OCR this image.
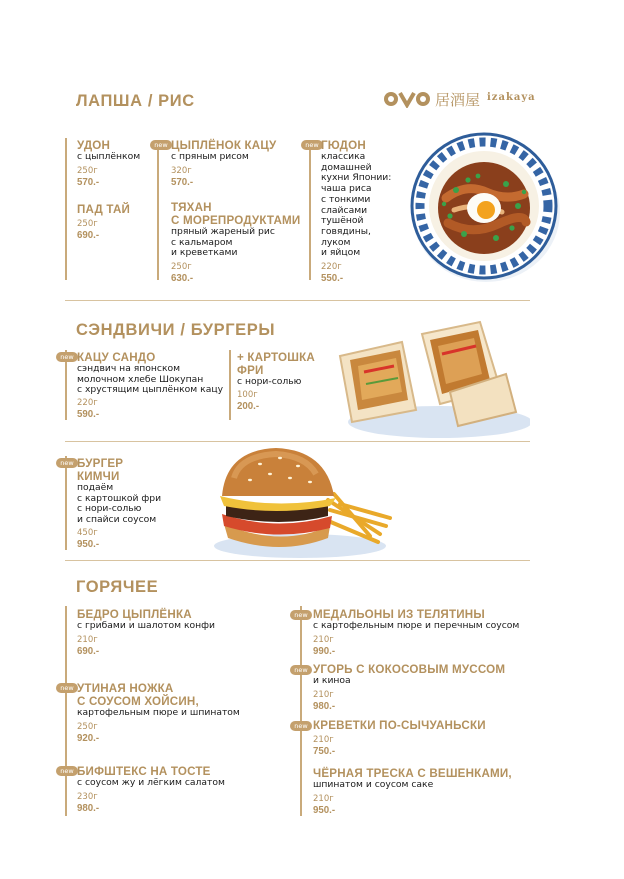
ЛАПША / РИС	居酒屋 izakaya
УДОН
с цыплёнком
250г
570.-
ПАД ТАЙ
250г
690.-
new ЦЫПЛЁНОК КАЦУ
с пряным рисом
320г
570.-
ТЯХАН
С МОРЕПРОДУКТАМИ
пряный жареный рис
с кальмаром
и креветками
250г
630.-
new ГЮДОН
классика
домашней
кухни Японии:
чаша риса
с тонкими
слайсами
тушёной
говядины,
луком
и яйцом
220г
550.-
СЭНДВИЧИ / БУРГЕРЫ
new КАЦУ САНДО
сэндвич на японском
молочном хлебе Шокупан
с хрустящим цыплёнком кацу
220г
590.-
+ КАРТОШКА
ФРИ
с нори-солью
100г
200.-
new БУРГЕР
КИМЧИ
подаём
с картошкой фри
с нори-солью
и спайси соусом
450г
950.-
ГОРЯЧЕЕ
БЕДРО ЦЫПЛЁНКА
с грибами и шалотом конфи
210г
690.-
new УТИНАЯ НОЖКА
С СОУСОМ ХОЙСИН,
картофельным пюре и шпинатом
250г
920.-
new БИФШТЕКС НА ТОСТЕ
с соусом жу и лёгким салатом
230г
980.-
new МЕДАЛЬОНЫ ИЗ ТЕЛЯТИНЫ
с картофельным пюре и перечным соусом
210г
990.-
new УГОРЬ С КОКОСОВЫМ МУССОМ
и киноа
210г
980.-
new КРЕВЕТКИ ПО-СЫЧУАНЬСКИ
210г
750.-
ЧЁРНАЯ ТРЕСКА С ВЕШЕНКАМИ,
шпинатом и соусом саке
210г
950.-
